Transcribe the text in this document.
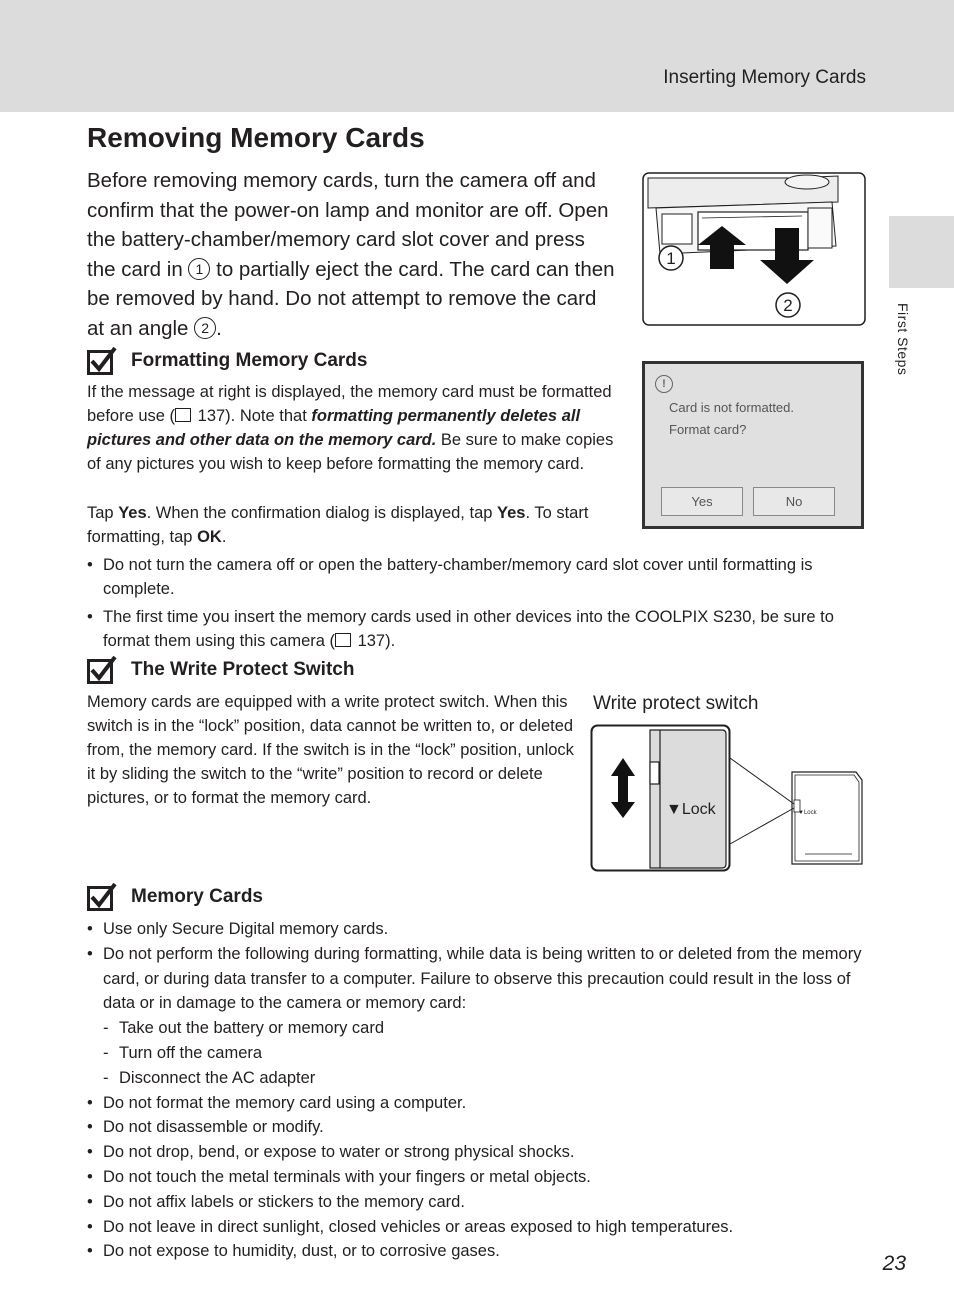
Inserting Memory Cards
First Steps
Removing Memory Cards

Before removing memory cards, turn the camera off and confirm that the power-on lamp and monitor are off. Open the battery-chamber/memory card slot cover and press the card in 1 to partially eject the card. The card can then be removed by hand. Do not attempt to remove the card at an angle 2 .

1
2
Formatting Memory Cards

If the message at right is displayed, the memory card must be formatted before use ( 137). Note that formatting permanently deletes all pictures and other data on the memory card. Be sure to make copies of any pictures you wish to keep before formatting the memory card.

Tap Yes. When the confirmation dialog is displayed, tap Yes. To start formatting, tap OK.

!
Card is not formatted.
Format card?
Yes	No
• Do not turn the camera off or open the battery-chamber/memory card slot cover until formatting is complete.
• The first time you insert the memory cards used in other devices into the COOLPIX S230, be sure to format them using this camera ( 137).
The Write Protect Switch

Memory cards are equipped with a write protect switch. When this switch is in the “lock” position, data cannot be written to, or deleted from, the memory card. If the switch is in the “lock” position, unlock it by sliding the switch to the “write” position to record or delete pictures, or to format the memory card.

Write protect switch
▼Lock	▼Lock
Memory Cards
• Use only Secure Digital memory cards.
• Do not perform the following during formatting, while data is being written to or deleted from the memory card, or during data transfer to a computer. Failure to observe this precaution could result in the loss of data or in damage to the camera or memory card:
- Take out the battery or memory card
- Turn off the camera
- Disconnect the AC adapter
• Do not format the memory card using a computer.
• Do not disassemble or modify.
• Do not drop, bend, or expose to water or strong physical shocks.
• Do not touch the metal terminals with your fingers or metal objects.
• Do not affix labels or stickers to the memory card.
• Do not leave in direct sunlight, closed vehicles or areas exposed to high temperatures.
• Do not expose to humidity, dust, or to corrosive gases.
23
